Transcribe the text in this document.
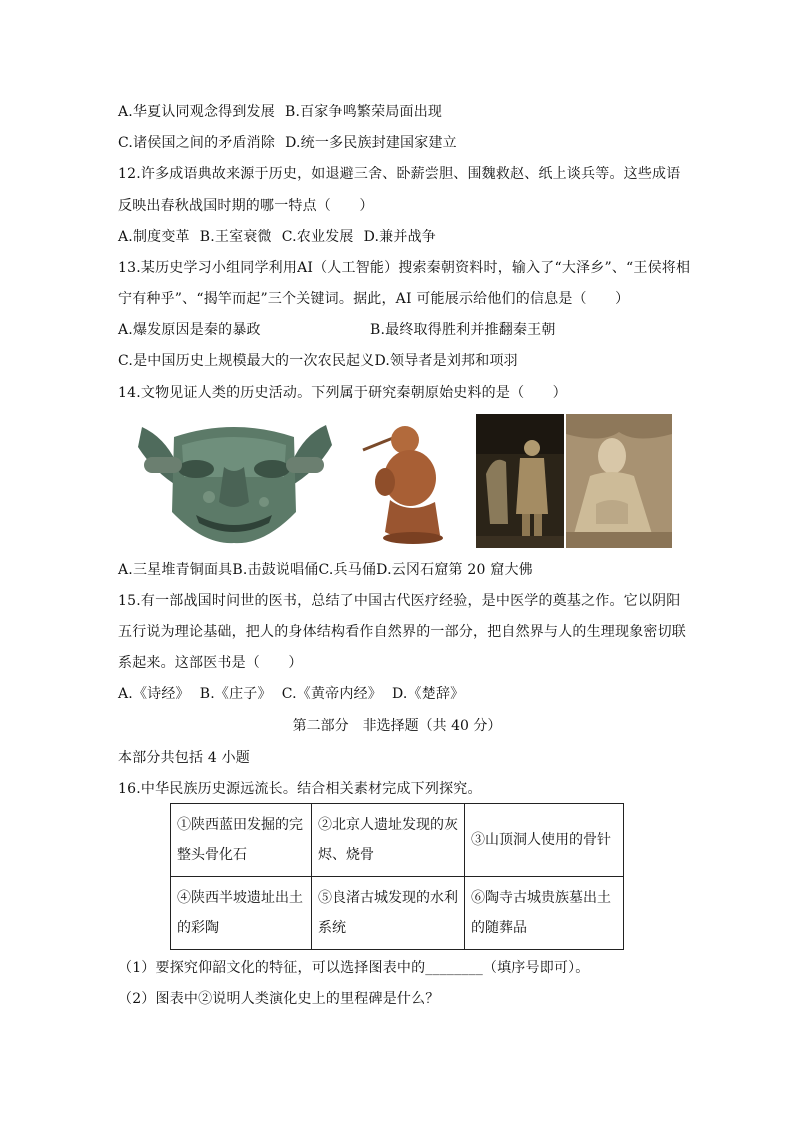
A.华夏认同观念得到发展 B.百家争鸣繁荣局面出现
C.诸侯国之间的矛盾消除 D.统一多民族封建国家建立
12.许多成语典故来源于历史，如退避三舍、卧薪尝胆、围魏救赵、纸上谈兵等。这些成语
反映出春秋战国时期的哪一特点（　　）
A.制度变革 B.王室衰微 C.农业发展 D.兼并战争
13.某历史学习小组同学利用AI（人工智能）搜索秦朝资料时，输入了“大泽乡”、“王侯将相
宁有种乎”、“揭竿而起”三个关键词。据此，AI 可能展示给他们的信息是（　　）
A.爆发原因是秦的暴政	B.最终取得胜利并推翻秦王朝
C.是中国历史上规模最大的一次农民起义D.领导者是刘邦和项羽
14.文物见证人类的历史活动。下列属于研究秦朝原始史料的是（　　）
A.三星堆青铜面具B.击鼓说唱俑C.兵马俑D.云冈石窟第 20 窟大佛
15.有一部战国时问世的医书，总结了中国古代医疗经验，是中医学的奠基之作。它以阴阳
五行说为理论基础，把人的身体结构看作自然界的一部分，把自然界与人的生理现象密切联
系起来。这部医书是（　　）
A.《诗经》 B.《庄子》 C.《黄帝内经》 D.《楚辞》
第二部分　非选择题（共 40 分）
本部分共包括 4 小题
16.中华民族历史源远流长。结合相关素材完成下列探究。
①陕西蓝田发掘的完整头骨化石	②北京人遗址发现的灰烬、烧骨	③山顶洞人使用的骨针
④陕西半坡遗址出土的彩陶	⑤良渚古城发现的水利系统	⑥陶寺古城贵族墓出土的随葬品
（1）要探究仰韶文化的特征，可以选择图表中的________（填序号即可）。
（2）图表中②说明人类演化史上的里程碑是什么？
